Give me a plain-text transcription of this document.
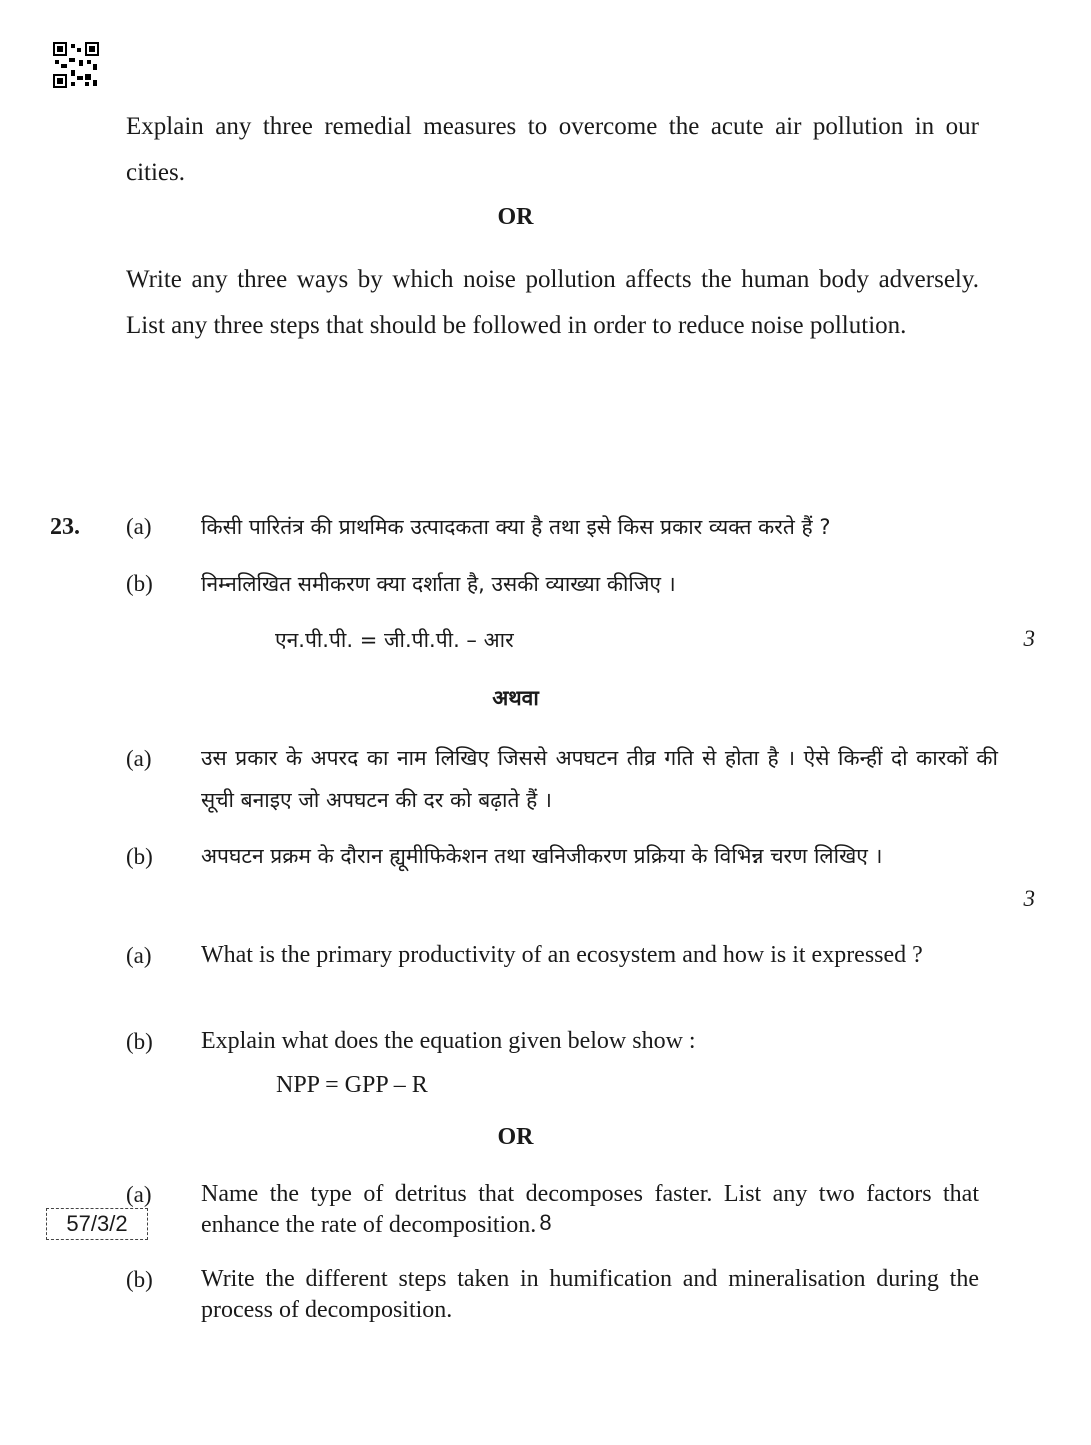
Explain any three remedial measures to overcome the acute air pollution in our cities.
OR
Write any three ways by which noise pollution affects the human body adversely. List any three steps that should be followed in order to reduce noise pollution.
23. (a) किसी पारितंत्र की प्राथमिक उत्पादकता क्या है तथा इसे किस प्रकार व्यक्त करते हैं ?
(b) निम्नलिखित समीकरण क्या दर्शाता है, उसकी व्याख्या कीजिए ।
एन.पी.पी. = जी.पी.पी. – आर	3
अथवा
(a) उस प्रकार के अपरद का नाम लिखिए जिससे अपघटन तीव्र गति से होता है । ऐसे किन्हीं दो कारकों की सूची बनाइए जो अपघटन की दर को बढ़ाते हैं ।
(b) अपघटन प्रक्रम के दौरान ह्यूमीफिकेशन तथा खनिजीकरण प्रक्रिया के विभिन्न चरण लिखिए ।
3
(a) What is the primary productivity of an ecosystem and how is it expressed ?
(b) Explain what does the equation given below show :
NPP = GPP – R
OR
(a) Name the type of detritus that decomposes faster. List any two factors that enhance the rate of decomposition.
(b) Write the different steps taken in humification and mineralisation during the process of decomposition.
57/3/2	8
